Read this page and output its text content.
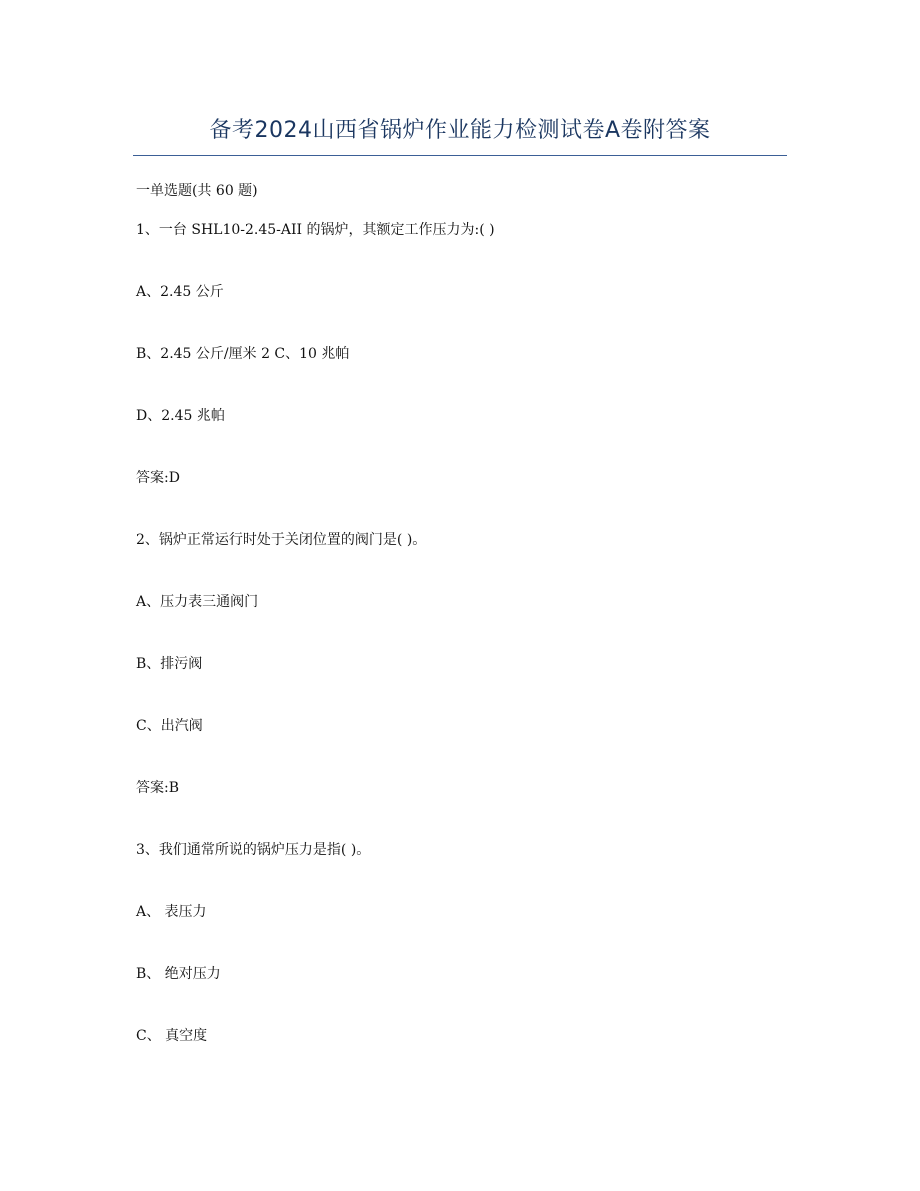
备考2024山西省锅炉作业能力检测试卷A卷附答案
一单选题(共 60 题)
1、一台 SHL10-2.45-AII 的锅炉，其额定工作压力为:( )
A、2.45 公斤
B、2.45 公斤/厘米 2 C、10 兆帕
D、2.45 兆帕
答案:D
2、锅炉正常运行时处于关闭位置的阀门是( )。
A、压力表三通阀门
B、排污阀
C、出汽阀
答案:B
3、我们通常所说的锅炉压力是指( )。
A、 表压力
B、 绝对压力
C、 真空度
